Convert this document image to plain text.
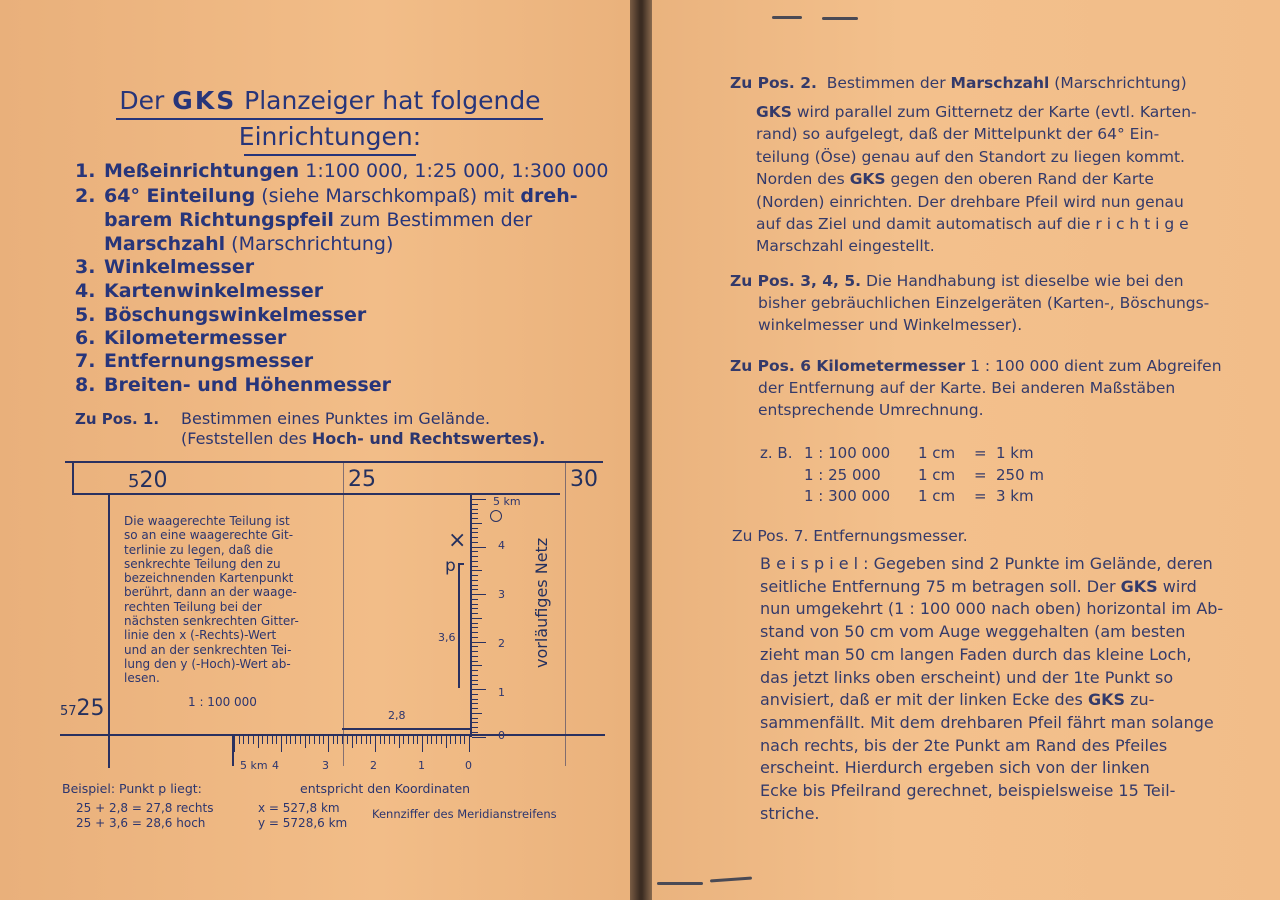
Der GKS Planzeiger hat folgende
Einrichtungen:
1. Meßeinrichtungen 1:100 000, 1:25 000, 1:300 000
2. 64° Einteilung (siehe Marschkompaß) mit dreh-
barem Richtungspfeil zum Bestimmen der
Marschzahl (Marschrichtung)
3. Winkelmesser
4. Kartenwinkelmesser
5. Böschungswinkelmesser
6. Kilometermesser
7. Entfernungsmesser
8. Breiten- und Höhenmesser
Zu Pos. 1. Bestimmen eines Punktes im Gelände.
(Feststellen des Hoch- und Rechtswertes).
520	25	30
5725
Die waagerechte Teilung ist
so an eine waagerechte Git-
terlinie zu legen, daß die
senkrechte Teilung den zu
bezeichnenden Kartenpunkt
berührt, dann an der waage-
rechten Teilung bei der
nächsten senkrechten Gitter-
linie den x (-Rechts)-Wert
und an der senkrechten Tei-
lung den y (-Hoch)-Wert ab-
lesen.
1 : 100 000
5 km
4
3
2
1
0
5 km 4	3	2	1	0
×
p
3,6
2,8
vorläufiges Netz
Beispiel: Punkt p liegt:
25 + 2,8 = 27,8 rechts
25 + 3,6 = 28,6 hoch
entspricht den Koordinaten
x = 527,8 km
y = 5728,6 km
Kennziffer des Meridianstreifens
Zu Pos. 2. Bestimmen der Marschzahl (Marschrichtung)
GKS wird parallel zum Gitternetz der Karte (evtl. Karten-
rand) so aufgelegt, daß der Mittelpunkt der 64° Ein-
teilung (Öse) genau auf den Standort zu liegen kommt.
Norden des GKS gegen den oberen Rand der Karte
(Norden) einrichten. Der drehbare Pfeil wird nun genau
auf das Ziel und damit automatisch auf die r i c h t i g e
Marschzahl eingestellt.
Zu Pos. 3, 4, 5. Die Handhabung ist dieselbe wie bei den
bisher gebräuchlichen Einzelgeräten (Karten-, Böschungs-
winkelmesser und Winkelmesser).
Zu Pos. 6 Kilometermesser 1 : 100 000 dient zum Abgreifen
der Entfernung auf der Karte. Bei anderen Maßstäben
entsprechende Umrechnung.
z. B. 1 : 100 000 1 cm = 1 km
1 : 25 000 1 cm = 250 m
1 : 300 000 1 cm = 3 km
Zu Pos. 7. Entfernungsmesser.
B e i s p i e l : Gegeben sind 2 Punkte im Gelände, deren
seitliche Entfernung 75 m betragen soll. Der GKS wird
nun umgekehrt (1 : 100 000 nach oben) horizontal im Ab-
stand von 50 cm vom Auge weggehalten (am besten
zieht man 50 cm langen Faden durch das kleine Loch,
das jetzt links oben erscheint) und der 1te Punkt so
anvisiert, daß er mit der linken Ecke des GKS zu-
sammenfällt. Mit dem drehbaren Pfeil fährt man solange
nach rechts, bis der 2te Punkt am Rand des Pfeiles
erscheint. Hierdurch ergeben sich von der linken
Ecke bis Pfeilrand gerechnet, beispielsweise 15 Teil-
striche.
